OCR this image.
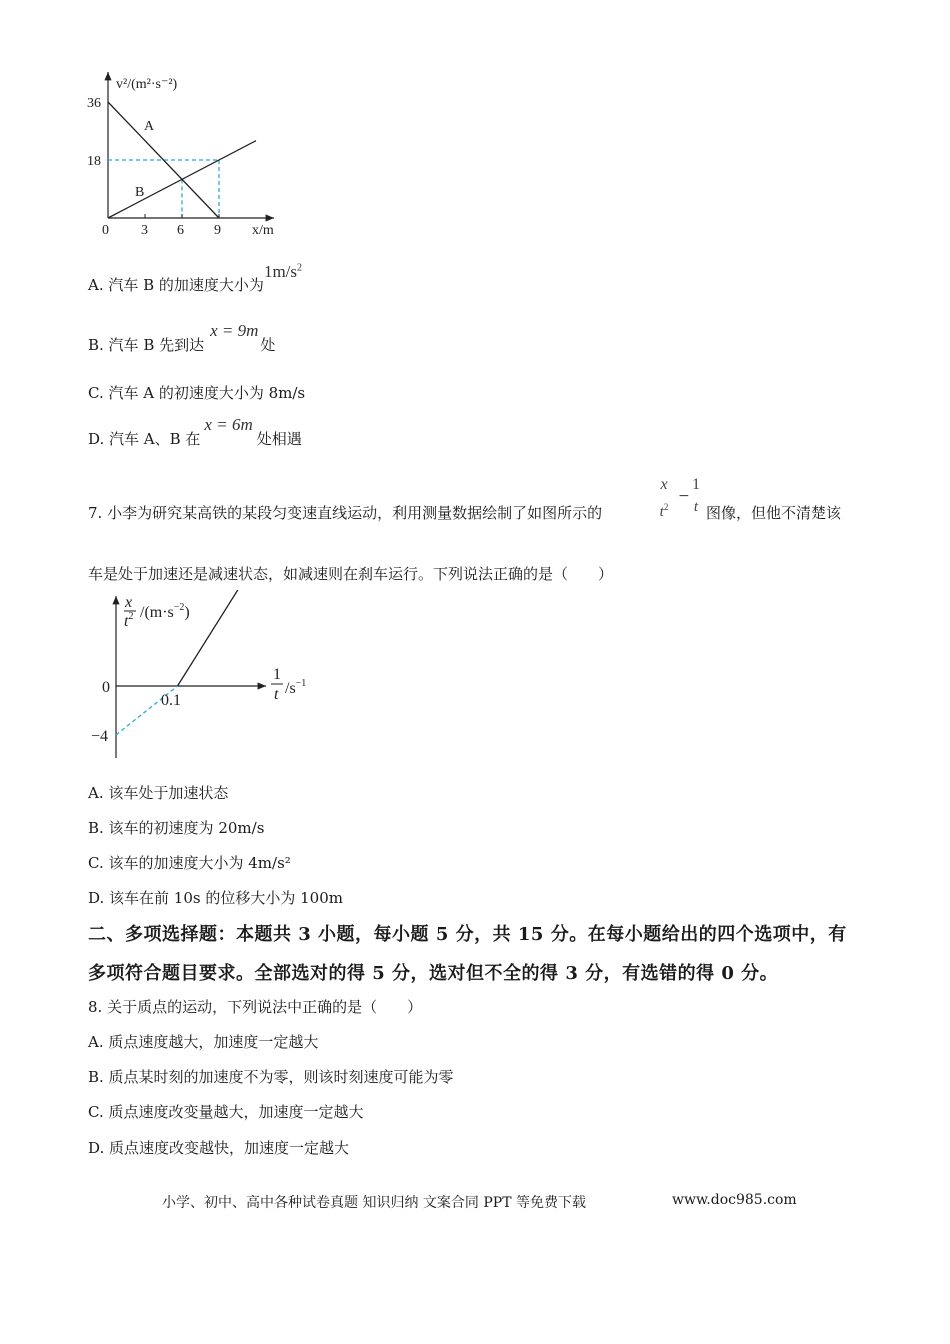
v²/(m²·s⁻²)
x/m
A
B
36
18
0 3 6 9
A. 汽车 B 的加速度大小为$1m/s^2$
B. 汽车 B 先到达x = 9m处
C. 汽车 A 的初速度大小为 8m/s
D. 汽车 A、B 在x = 6m处相遇
7. 小李为研究某高铁的某段匀变速直线运动，利用测量数据绘制了如图所示的
x
$t^2$
−
1
t 图像，但他不清楚该
车是处于加速还是减速状态，如减速则在刹车运行。下列说法正确的是（　　）
x
$t^2$ $/(m\cdot s^{-2})$
1
t $/s^{-1}$
0
−4
0.1
A. 该车处于加速状态
B. 该车的初速度为 20m/s
C. 该车的加速度大小为 4m/s²
D. 该车在前 10s 的位移大小为 100m
二、多项选择题：本题共 3 小题，每小题 5 分，共 15 分。在每小题给出的四个选项中，有
多项符合题目要求。全部选对的得 5 分，选对但不全的得 3 分，有选错的得 0 分。
8. 关于质点的运动，下列说法中正确的是（　　）
A. 质点速度越大，加速度一定越大
B. 质点某时刻的加速度不为零，则该时刻速度可能为零
C. 质点速度改变量越大，加速度一定越大
D. 质点速度改变越快，加速度一定越大
小学、初中、高中各种试卷真题 知识归纳 文案合同 PPT 等免费下载	www.doc985.com
